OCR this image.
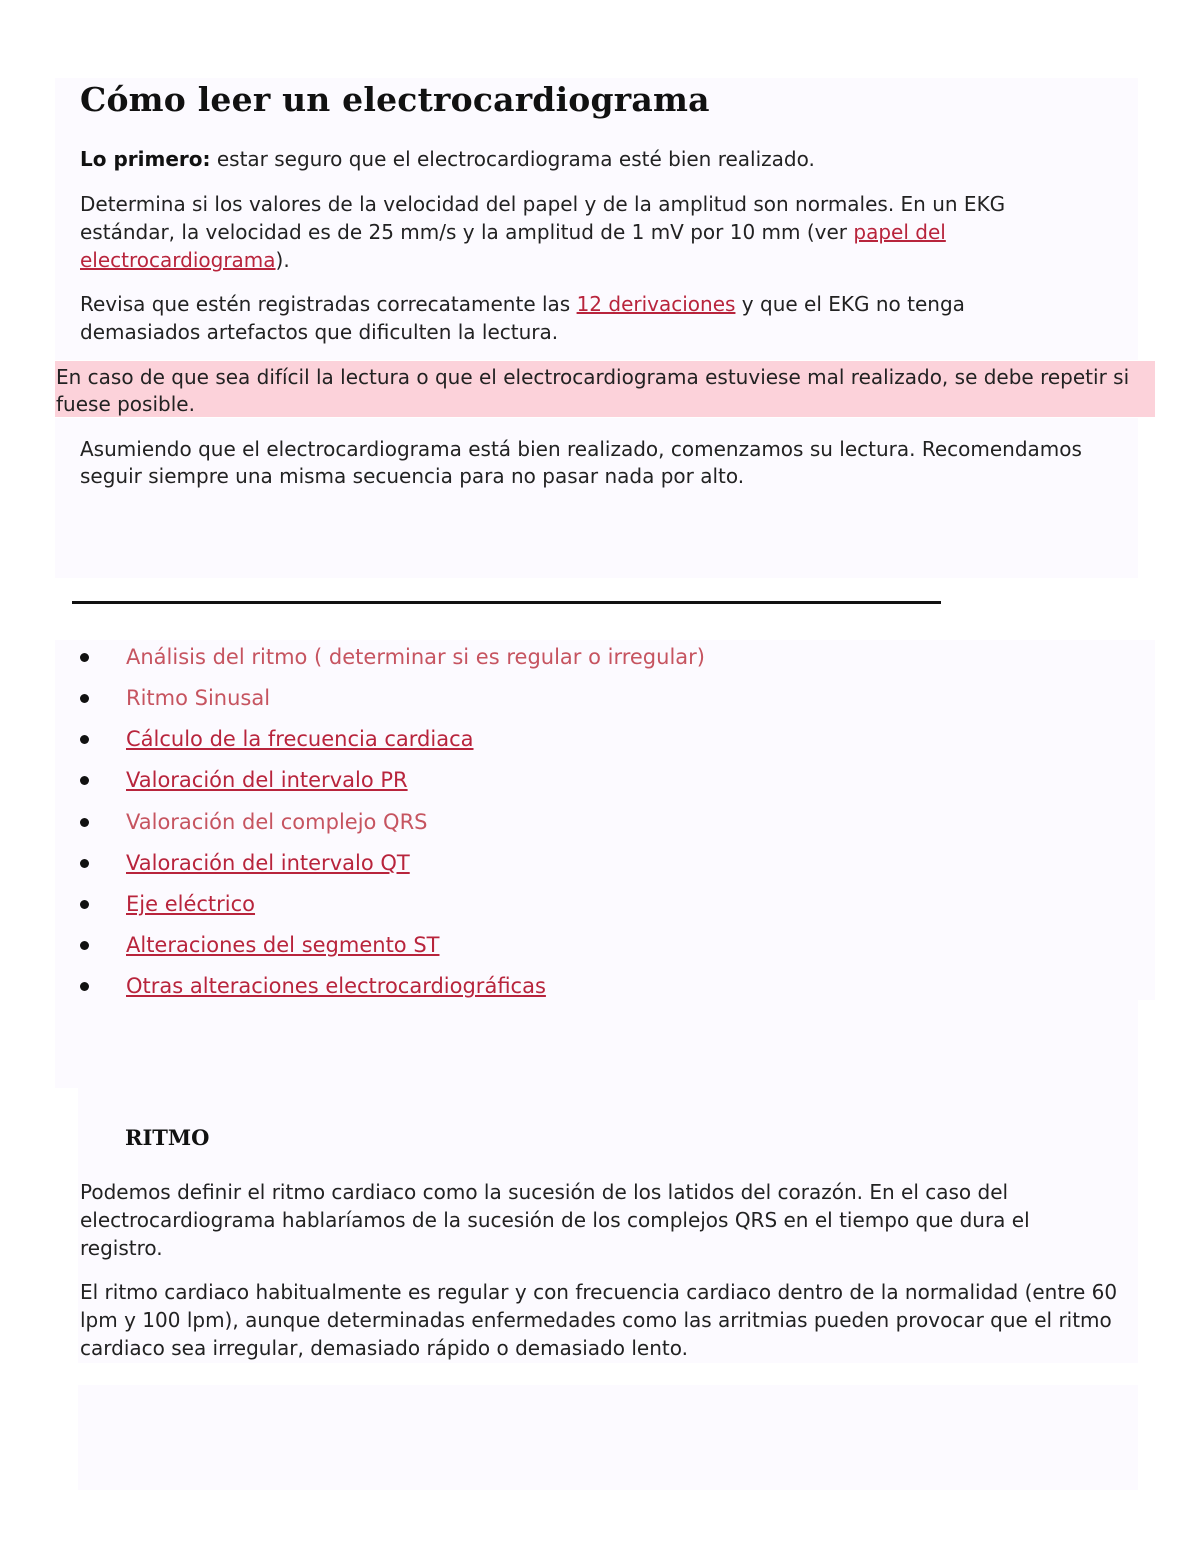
Cómo leer un electrocardiograma

Lo primero: estar seguro que el electrocardiograma esté bien realizado.

Determina si los valores de la velocidad del papel y de la amplitud son normales. En un EKG estándar, la velocidad es de 25 mm/s y la amplitud de 1 mV por 10 mm (ver papel del electrocardiograma).

Revisa que estén registradas correcatamente las 12 derivaciones y que el EKG no tenga demasiados artefactos que dificulten la lectura.

En caso de que sea difícil la lectura o que el electrocardiograma estuviese mal realizado, se debe repetir si fuese posible.

Asumiendo que el electrocardiograma está bien realizado, comenzamos su lectura. Recomendamos seguir siempre una misma secuencia para no pasar nada por alto.

Análisis del ritmo ( determinar si es regular o irregular)
Ritmo Sinusal
Cálculo de la frecuencia cardiaca
Valoración del intervalo PR
Valoración del complejo QRS
Valoración del intervalo QT
Eje eléctrico
Alteraciones del segmento ST
Otras alteraciones electrocardiográficas
RITMO

Podemos definir el ritmo cardiaco como la sucesión de los latidos del corazón. En el caso del electrocardiograma hablaríamos de la sucesión de los complejos QRS en el tiempo que dura el registro.

El ritmo cardiaco habitualmente es regular y con frecuencia cardiaco dentro de la normalidad (entre 60 lpm y 100 lpm), aunque determinadas enfermedades como las arritmias pueden provocar que el ritmo cardiaco sea irregular, demasiado rápido o demasiado lento.
